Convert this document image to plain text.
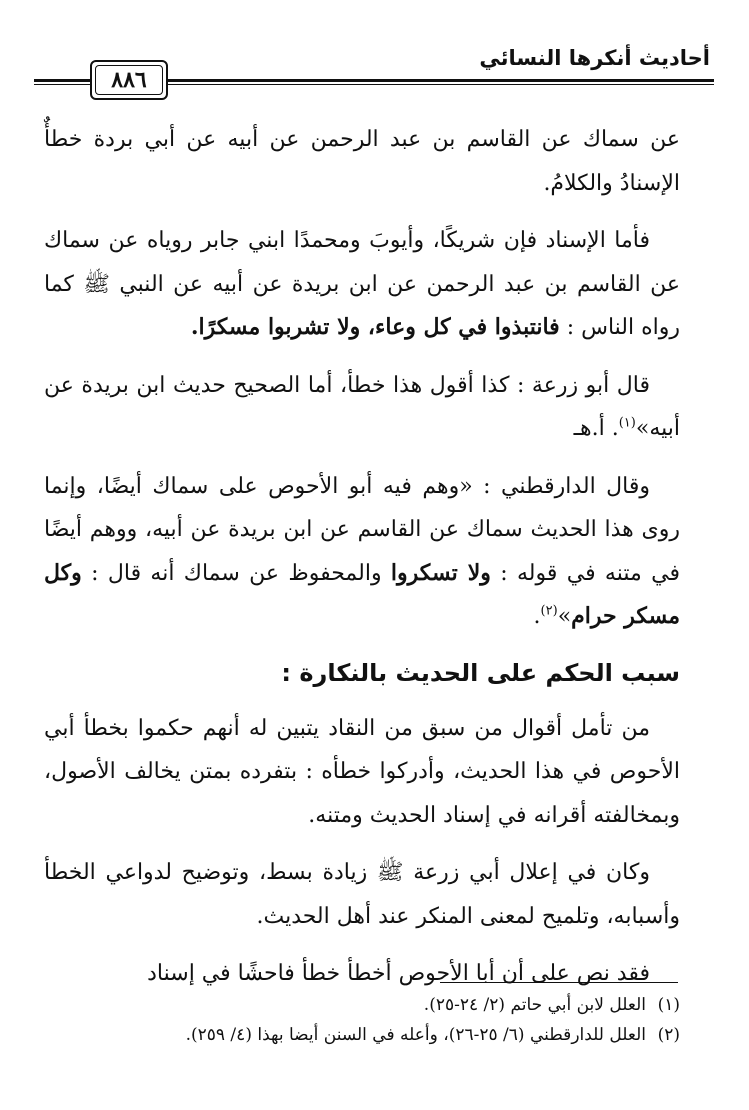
أحاديث أنكرها النسائي
٨٨٦

عن سماك عن القاسم بن عبد الرحمن عن أبيه عن أبي بردة خطأٌ الإسنادُ والكلامُ.

فأما الإسناد فإن شريكًا، وأيوبَ ومحمدًا ابني جابر روياه عن سماك عن القاسم بن عبد الرحمن عن ابن بريدة عن أبيه عن النبي ﷺ كما رواه الناس : فانتبذوا في كل وعاء، ولا تشربوا مسكرًا.

قال أبو زرعة : كذا أقول هذا خطأ، أما الصحيح حديث ابن بريدة عن أبيه»$^{(١)}$. أ.هـ

وقال الدارقطني : «وهم فيه أبو الأحوص على سماك أيضًا، وإنما روى هذا الحديث سماك عن القاسم عن ابن بريدة عن أبيه، ووهم أيضًا في متنه في قوله : ولا تسكروا والمحفوظ عن سماك أنه قال : وكل مسكر حرام»$^{(٢)}$.

سبب الحكم على الحديث بالنكارة :

من تأمل أقوال من سبق من النقاد يتبين له أنهم حكموا بخطأ أبي الأحوص في هذا الحديث، وأدركوا خطأه : بتفرده بمتن يخالف الأصول، وبمخالفته أقرانه في إسناد الحديث ومتنه.

وكان في إعلال أبي زرعة ﷺ زيادة بسط، وتوضيح لدواعي الخطأ وأسبابه، وتلميح لمعنى المنكر عند أهل الحديث.

فقد نص على أن أبا الأحوص أخطأ خطأ فاحشًا في إسناد

(١)العلل لابن أبي حاتم (٢/ ٢٤-٢٥).
(٢)العلل للدارقطني (٦/ ٢٥-٢٦)، وأعله في السنن أيضا بهذا (٤/ ٢٥٩).
